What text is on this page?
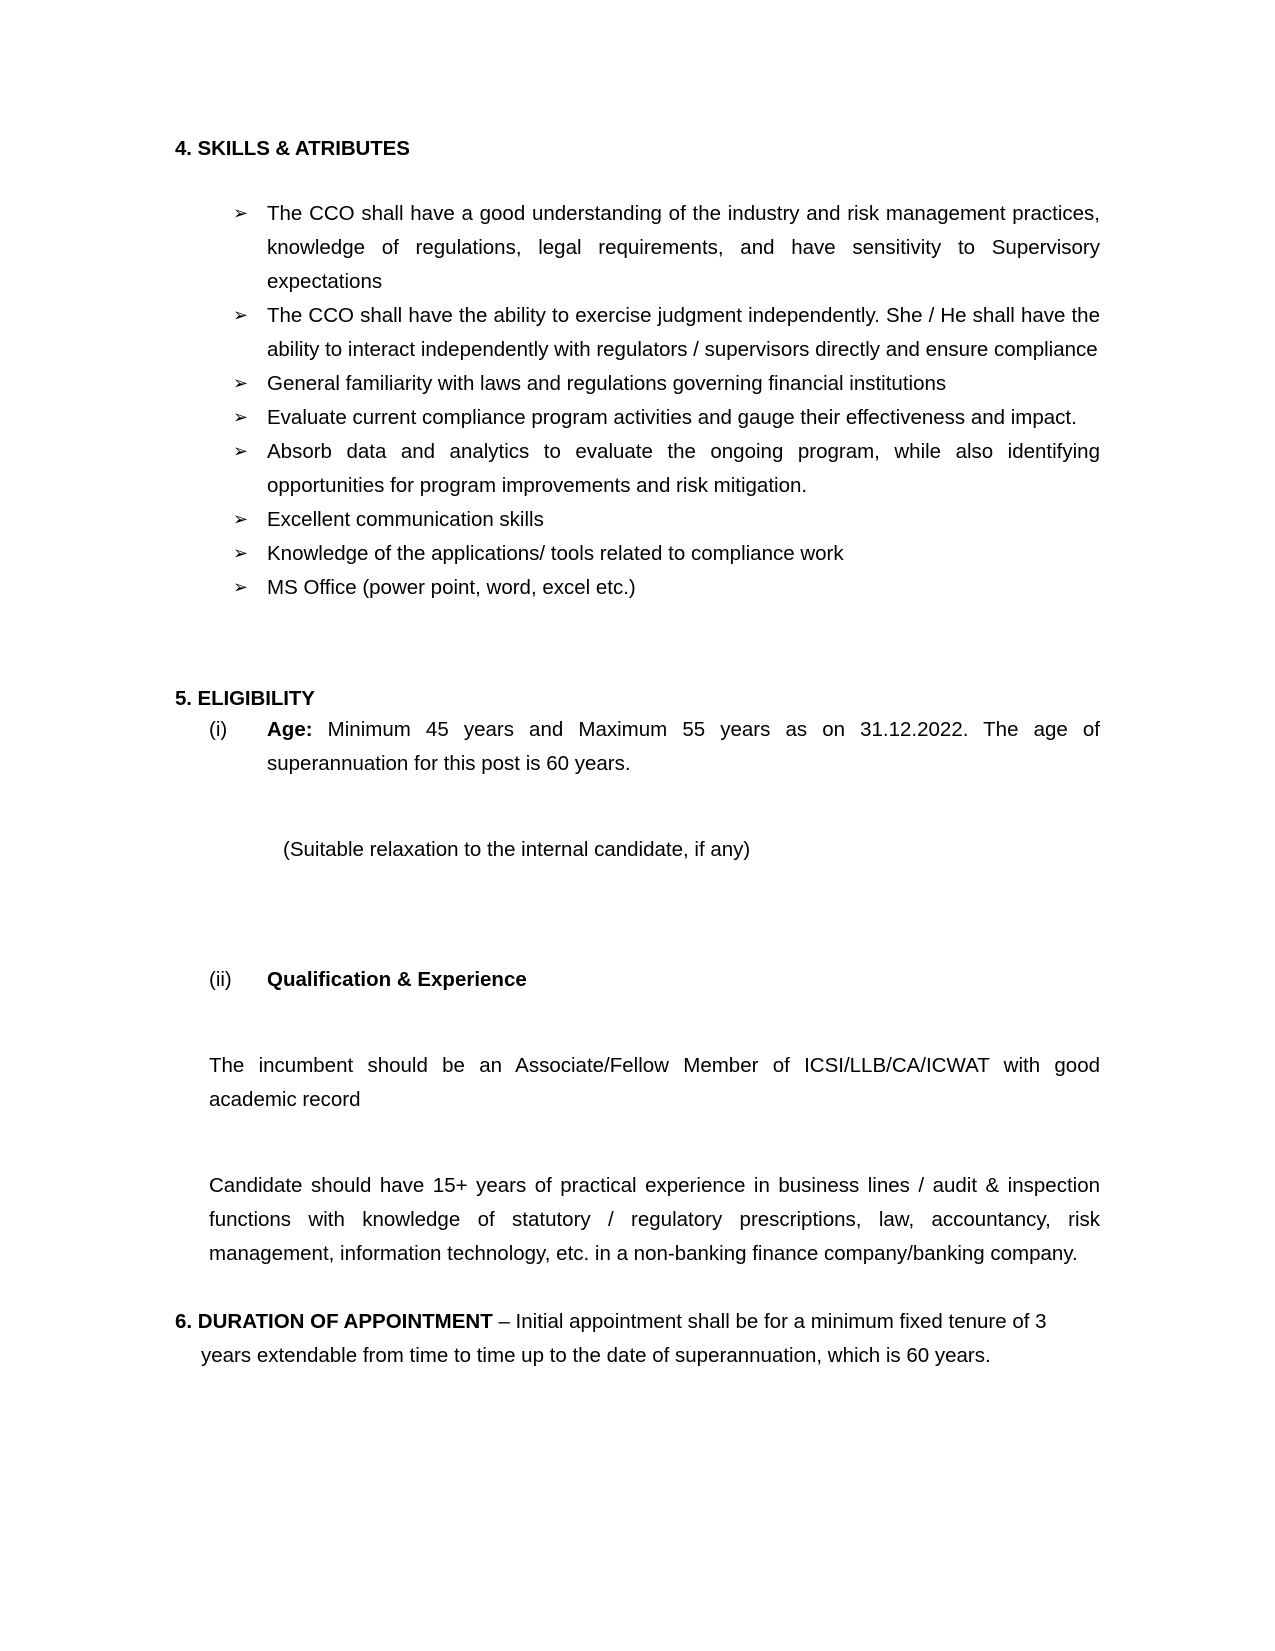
4. SKILLS & ATRIBUTES
➢ The CCO shall have a good understanding of the industry and risk management practices, knowledge of regulations, legal requirements, and have sensitivity to Supervisory expectations
➢ The CCO shall have the ability to exercise judgment independently. She / He shall have the ability to interact independently with regulators / supervisors directly and ensure compliance
➢ General familiarity with laws and regulations governing financial institutions
➢ Evaluate current compliance program activities and gauge their effectiveness and impact.
➢ Absorb data and analytics to evaluate the ongoing program, while also identifying opportunities for program improvements and risk mitigation.
➢ Excellent communication skills
➢ Knowledge of the applications/ tools related to compliance work
➢ MS Office (power point, word, excel etc.)
5. ELIGIBILITY
(i)	Age: Minimum 45 years and Maximum 55 years as on 31.12.2022. The age of superannuation for this post is 60 years.
(Suitable relaxation to the internal candidate, if any)
(ii)	Qualification & Experience

The incumbent should be an Associate/Fellow Member of ICSI/LLB/CA/ICWAT with good academic record

Candidate should have 15+ years of practical experience in business lines / audit & inspection functions with knowledge of statutory / regulatory prescriptions, law, accountancy, risk management, information technology, etc. in a non-banking finance company/banking company.

6. DURATION OF APPOINTMENT – Initial appointment shall be for a minimum fixed tenure of 3 years extendable from time to time up to the date of superannuation, which is 60 years.
